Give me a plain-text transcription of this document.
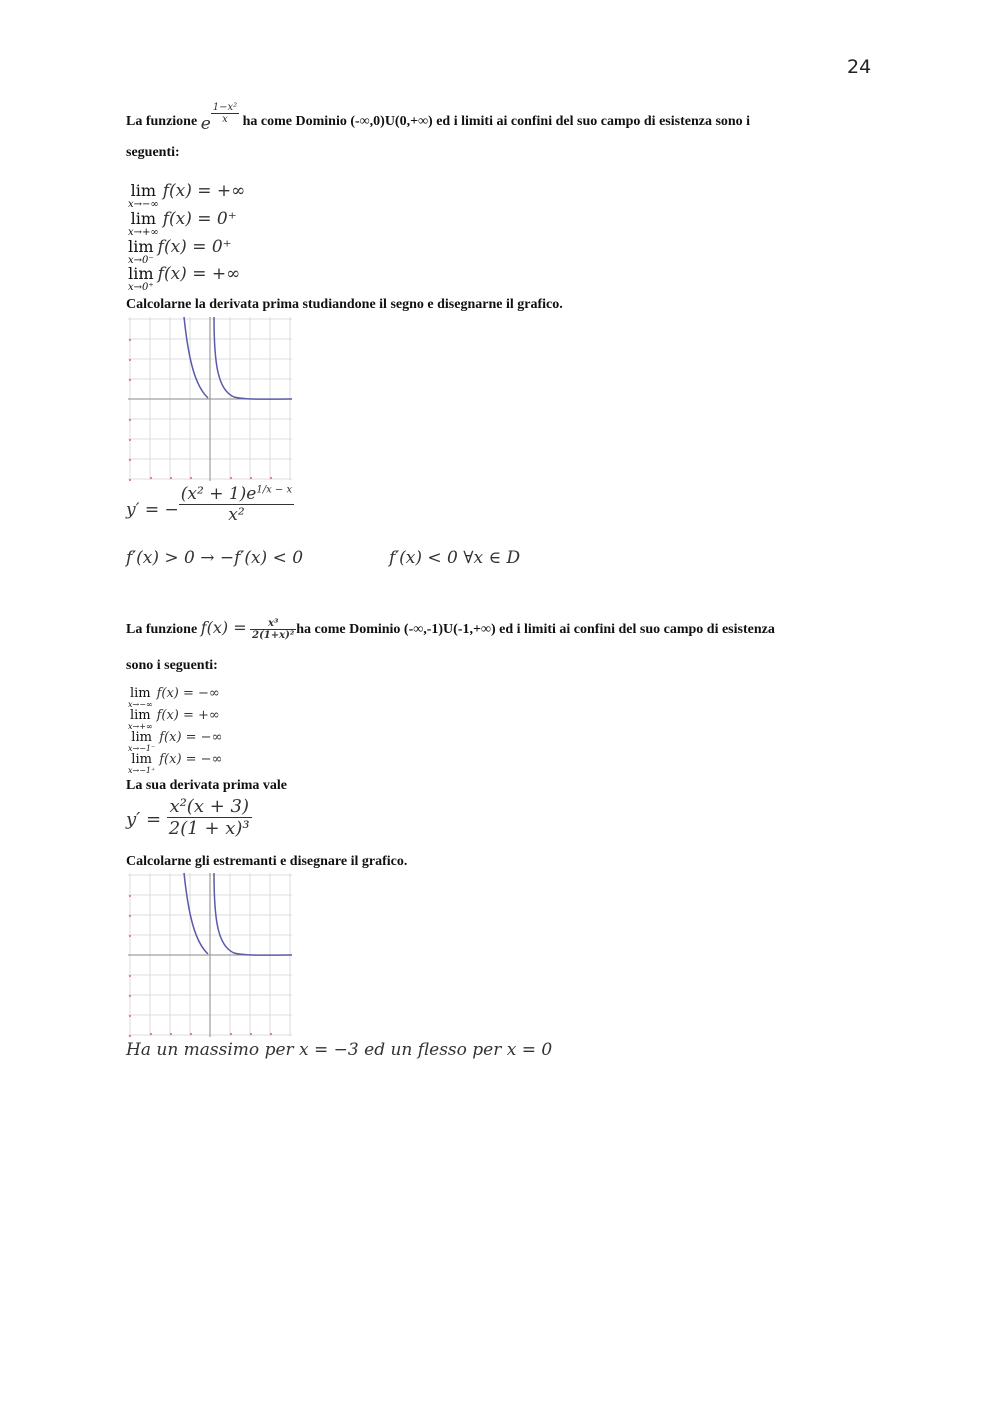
24
La funzione e $\frac{\text{1−x²}}{x}$ ha come Dominio (-∞,0)U(0,+∞) ed i limiti ai confini del suo campo di esistenza sono i
seguenti:
lim
x→−∞
f(x) = +∞
lim
x→+∞
f(x) = 0⁺
lim
x→0⁻
f(x) = 0⁺
lim
x→0⁺
f(x) = +∞
Calcolarne la derivata prima studiandone il segno e disegnarne il grafico.
y′ = − $\frac{(x^2 + 1)e^{1/x - x}}{\text{x²}}$
f′(x) > 0 → −f′(x) < 0	f′(x) < 0 ∀x ∈ D
La funzione $f(x) = \frac{\text{x³}}{\text{2(1+x)²}}$ ha come Dominio (-∞,-1)U(-1,+∞) ed i limiti ai confini del suo campo di esistenza
sono i seguenti:
lim
x→−∞
f(x) = −∞
lim
x→+∞
f(x) = +∞
lim
x→−1⁻
f(x) = −∞
lim
x→−1⁺
f(x) = −∞
La sua derivata prima vale
$y' = \frac{\text{x²(x + 3)}}{\text{2(1 + x)³}}$
Calcolarne gli estremanti e disegnare il grafico.
Ha un massimo per x = −3 ed un flesso per x = 0
